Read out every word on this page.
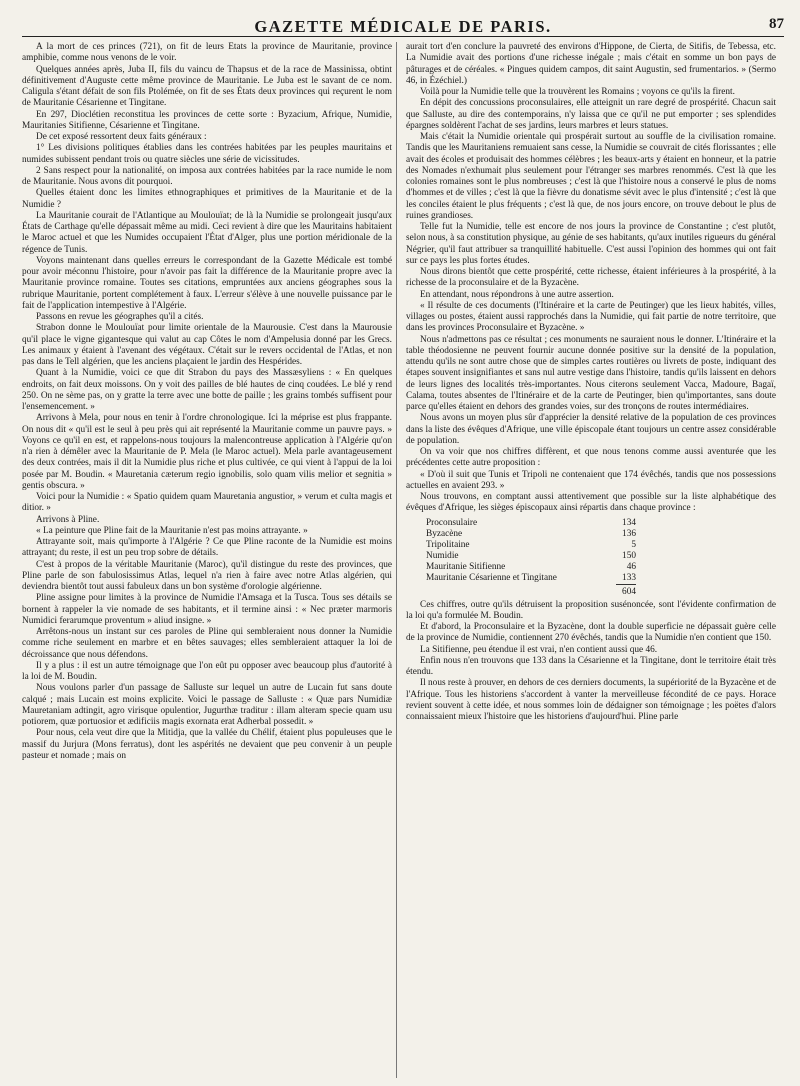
GAZETTE MÉDICALE DE PARIS.	87

A la mort de ces princes (721), on fit de leurs États la province de Mauritanie, province amphibie, comme nous venons de le voir.

Quelques années après, Juba II, fils du vaincu de Thapsus et de la race de Massinissa, obtint définitivement d'Auguste cette même province de Mauritanie. Le Juba est le savant de ce nom. Caligula s'étant défait de son fils Ptolémée, on fit de ses États deux provinces qui reçurent le nom de Mauritanie Césarienne et Tingitane.

En 297, Dioclétien reconstitua les provinces de cette sorte : Byzacium, Afrique, Numidie, Mauritanies Sitifienne, Césarienne et Tingitane.

De cet exposé ressortent deux faits généraux :

1° Les divisions politiques établies dans les contrées habitées par les peuples mauritains et numides subissent pendant trois ou quatre siècles une série de vicissitudes.

2 Sans respect pour la nationalité, on imposa aux contrées habitées par la race numide le nom de Mauritanie. Nous avons dit pourquoi.

Quelles étaient donc les limites ethnographiques et primitives de la Mauritanie et de la Numidie ?

La Mauritanie courait de l'Atlantique au Moulouïat; de là la Numidie se prolongeait jusqu'aux États de Carthage qu'elle dépassait même au midi. Ceci revient à dire que les Mauritains habitaient le Maroc actuel et que les Numides occupaient l'État d'Alger, plus une portion méridionale de la régence de Tunis.

Voyons maintenant dans quelles erreurs le correspondant de la Gazette Médicale est tombé pour avoir méconnu l'histoire, pour n'avoir pas fait la différence de la Mauritanie propre avec la Mauritanie province romaine. Toutes ses citations, empruntées aux anciens géographes sous la rubrique Mauritanie, portent complétement à faux. L'erreur s'élève à une nouvelle puissance par le fait de l'application intempestive à l'Algérie.

Passons en revue les géographes qu'il a cités.

Strabon donne le Moulouïat pour limite orientale de la Maurousie. C'est dans la Maurousie qu'il place le vigne gigantesque qui valut au cap Côtes le nom d'Ampelusia donné par les Grecs. Les animaux y étaient à l'avenant des végétaux. C'était sur le revers occidental de l'Atlas, et non pas dans le Tell algérien, que les anciens plaçaient le jardin des Hespérides.

Quant à la Numidie, voici ce que dit Strabon du pays des Massæsyliens : « En quelques endroits, on fait deux moissons. On y voit des pailles de blé hautes de cinq coudées. Le blé y rend 250. On ne sème pas, on y gratte la terre avec une botte de paille ; les grains tombés suffisent pour l'ensemencement. »

Arrivons à Mela, pour nous en tenir à l'ordre chronologique. Ici la méprise est plus frappante. On nous dit « qu'il est le seul à peu près qui ait représenté la Mauritanie comme un pauvre pays. » Voyons ce qu'il en est, et rappelons-nous toujours la malencontreuse application à l'Algérie qu'on n'a rien à démêler avec la Mauritanie de P. Mela (le Maroc actuel). Mela parle avantageusement des deux contrées, mais il dit la Numidie plus riche et plus cultivée, ce qui vient à l'appui de la loi posée par M. Boudin. « Mauretania cæterum regio ignobilis, solo quam vilis melior et segnitia » gentis obscura. »

Voici pour la Numidie : « Spatio quidem quam Mauretania angustior, » verum et culta magis et ditior. »

Arrivons à Pline.

« La peinture que Pline fait de la Mauritanie n'est pas moins attrayante. »

Attrayante soit, mais qu'importe à l'Algérie ? Ce que Pline raconte de la Numidie est moins attrayant; du reste, il est un peu trop sobre de détails.

C'est à propos de la véritable Mauritanie (Maroc), qu'il distingue du reste des provinces, que Pline parle de son fabulosissimus Atlas, lequel n'a rien à faire avec notre Atlas algérien, qui deviendra bientôt tout aussi fabuleux dans un bon système d'orologie algérienne.

Pline assigne pour limites à la province de Numidie l'Amsaga et la Tusca. Tous ses détails se bornent à rappeler la vie nomade de ses habitants, et il termine ainsi : « Nec præter marmoris Numidici ferarumque proventum » aliud insigne. »

Arrêtons-nous un instant sur ces paroles de Pline qui sembleraient nous donner la Numidie comme riche seulement en marbre et en bêtes sauvages; elles sembleraient attaquer la loi de décroissance que nous défendons.

Il y a plus : il est un autre témoignage que l'on eût pu opposer avec beaucoup plus d'autorité à la loi de M. Boudin.

Nous voulons parler d'un passage de Salluste sur lequel un autre de Lucain fut sans doute calqué ; mais Lucain est moins explicite. Voici le passage de Salluste : « Quæ pars Numidiæ Mauretaniam adtingit, agro virisque opulentior, Jugurthæ traditur : illam alteram specie quam usu potiorem, quæ portuosior et ædificiis magis exornata erat Adherbal possedit. »

Pour nous, cela veut dire que la Mitidja, que la vallée du Chélif, étaient plus populeuses que le massif du Jurjura (Mons ferratus), dont les aspérités ne devaient que peu convenir à un peuple pasteur et nomade ; mais on

aurait tort d'en conclure la pauvreté des environs d'Hippone, de Cierta, de Sitifis, de Tebessa, etc. La Numidie avait des portions d'une richesse inégale ; mais c'était en somme un bon pays de pâturages et de céréales. « Pingues quidem campos, dit saint Augustin, sed frumentarios. » (Sermo 46, in Ézéchiel.)

Voilà pour la Numidie telle que la trouvèrent les Romains ; voyons ce qu'ils la firent.

En dépit des concussions proconsulaires, elle atteignit un rare degré de prospérité. Chacun sait que Salluste, au dire des contemporains, n'y laissa que ce qu'il ne put emporter ; ses splendides épargnes soldèrent l'achat de ses jardins, leurs marbres et leurs statues.

Mais c'était la Numidie orientale qui prospérait surtout au souffle de la civilisation romaine. Tandis que les Mauritaniens remuaient sans cesse, la Numidie se couvrait de cités florissantes ; elle avait des écoles et produisait des hommes célèbres ; les beaux-arts y étaient en honneur, et la patrie des Nomades n'exhumait plus seulement pour l'étranger ses marbres renommés. C'est là que les colonies romaines sont le plus nombreuses ; c'est là que l'histoire nous a conservé le plus de noms d'hommes et de villes ; c'est là que la fièvre du donatisme sévit avec le plus d'intensité ; c'est là que les conciles étaient le plus fréquents ; c'est là que, de nos jours encore, on trouve debout le plus de ruines grandioses.

Telle fut la Numidie, telle est encore de nos jours la province de Constantine ; c'est plutôt, selon nous, à sa constitution physique, au génie de ses habitants, qu'aux inutiles rigueurs du général Négrier, qu'il faut attribuer sa tranquillité habituelle. C'est aussi l'opinion des hommes qui ont fait sur ce pays les plus fortes études.

Nous dirons bientôt que cette prospérité, cette richesse, étaient inférieures à la prospérité, à la richesse de la proconsulaire et de la Byzacène.

En attendant, nous répondrons à une autre assertion.

« Il résulte de ces documents (l'Itinéraire et la carte de Peutinger) que les lieux habités, villes, villages ou postes, étaient aussi rapprochés dans la Numidie, qui fait partie de notre territoire, que dans les provinces Proconsulaire et Byzacène. »

Nous n'admettons pas ce résultat ; ces monuments ne sauraient nous le donner. L'Itinéraire et la table théodosienne ne peuvent fournir aucune donnée positive sur la densité de la population, attendu qu'ils ne sont autre chose que de simples cartes routières ou livrets de poste, indiquant des étapes souvent insignifiantes et sans nul autre vestige dans l'histoire, tandis qu'ils laissent en dehors de leurs lignes des localités très-importantes. Nous citerons seulement Vacca, Madoure, Bagaï, Calama, toutes absentes de l'Itinéraire et de la carte de Peutinger, bien qu'importantes, sans doute parce qu'elles étaient en dehors des grandes voies, sur des tronçons de routes intermédiaires.

Nous avons un moyen plus sûr d'apprécier la densité relative de la population de ces provinces dans la liste des évêques d'Afrique, une ville épiscopale étant toujours un centre assez considérable de population.

On va voir que nos chiffres diffèrent, et que nous tenons comme aussi aventurée que les précédentes cette autre proposition :

« D'où il suit que Tunis et Tripoli ne contenaient que 174 évêchés, tandis que nos possessions actuelles en avaient 293. »

Nous trouvons, en comptant aussi attentivement que possible sur la liste alphabétique des évêques d'Afrique, les sièges épiscopaux ainsi répartis dans chaque province :

Proconsulaire	134
Byzacène	136
Tripolitaine	5
Numidie	150
Mauritanie Sitifienne	46
Mauritanie Césarienne et Tingitane	133
	604

Ces chiffres, outre qu'ils détruisent la proposition susénoncée, sont l'évidente confirmation de la loi qu'a formulée M. Boudin.

Et d'abord, la Proconsulaire et la Byzacène, dont la double superficie ne dépassait guère celle de la province de Numidie, contiennent 270 évêchés, tandis que la Numidie n'en contient que 150.

La Sitifienne, peu étendue il est vrai, n'en contient aussi que 46.

Enfin nous n'en trouvons que 133 dans la Césarienne et la Tingitane, dont le territoire était très étendu.

Il nous reste à prouver, en dehors de ces derniers documents, la supériorité de la Byzacène et de l'Afrique. Tous les historiens s'accordent à vanter la merveilleuse fécondité de ce pays. Horace revient souvent à cette idée, et nous sommes loin de dédaigner son témoignage ; les poëtes d'alors connaissaient mieux l'histoire que les historiens d'aujourd'hui. Pline parle
